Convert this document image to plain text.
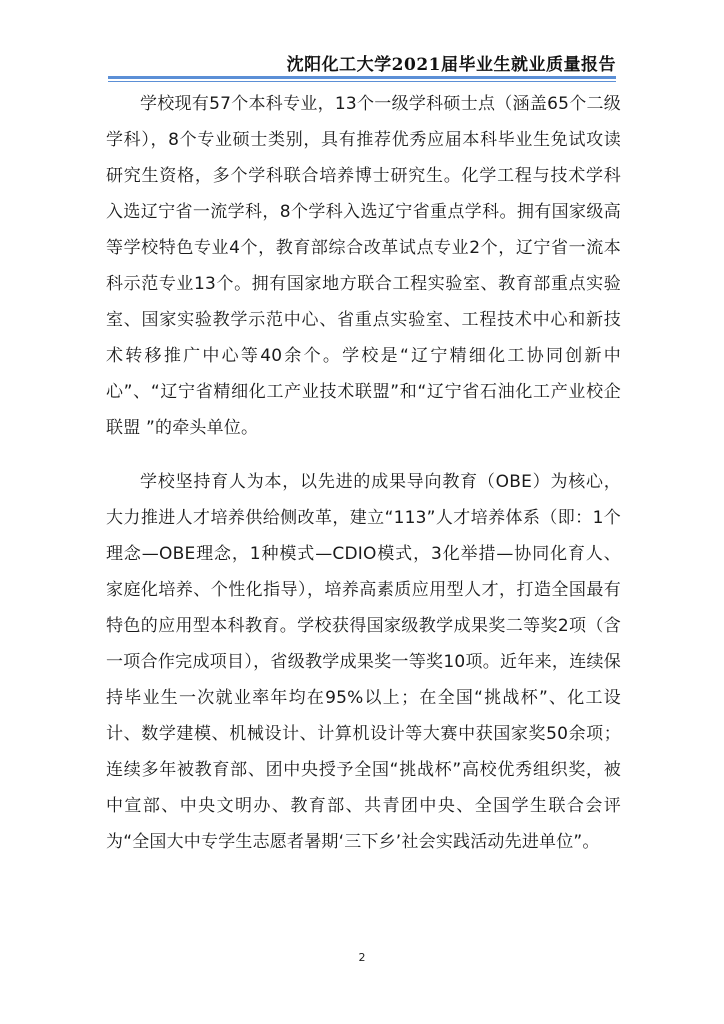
沈阳化工大学2021届毕业生就业质量报告

学校现有57个本科专业，13个一级学科硕士点（涵盖65个二级学科），8个专业硕士类别，具有推荐优秀应届本科毕业生免试攻读研究生资格，多个学科联合培养博士研究生。化学工程与技术学科入选辽宁省一流学科，8个学科入选辽宁省重点学科。拥有国家级高等学校特色专业4个，教育部综合改革试点专业2个，辽宁省一流本科示范专业13个。拥有国家地方联合工程实验室、教育部重点实验室、国家实验教学示范中心、省重点实验室、工程技术中心和新技术转移推广中心等40余个。学校是“辽宁精细化工协同创新中心”、“辽宁省精细化工产业技术联盟”和“辽宁省石油化工产业校企联盟 ”的牵头单位。

学校坚持育人为本，以先进的成果导向教育（OBE）为核心，大力推进人才培养供给侧改革，建立“113”人才培养体系（即：1个理念—OBE理念，1种模式—CDIO模式，3化举措—协同化育人、家庭化培养、个性化指导），培养高素质应用型人才，打造全国最有特色的应用型本科教育。学校获得国家级教学成果奖二等奖2项（含一项合作完成项目），省级教学成果奖一等奖10项。近年来，连续保持毕业生一次就业率年均在95%以上；在全国“挑战杯”、化工设计、数学建模、机械设计、计算机设计等大赛中获国家奖50余项；连续多年被教育部、团中央授予全国“挑战杯”高校优秀组织奖，被中宣部、中央文明办、教育部、共青团中央、全国学生联合会评为“全国大中专学生志愿者暑期‘三下乡’社会实践活动先进单位”。

2
